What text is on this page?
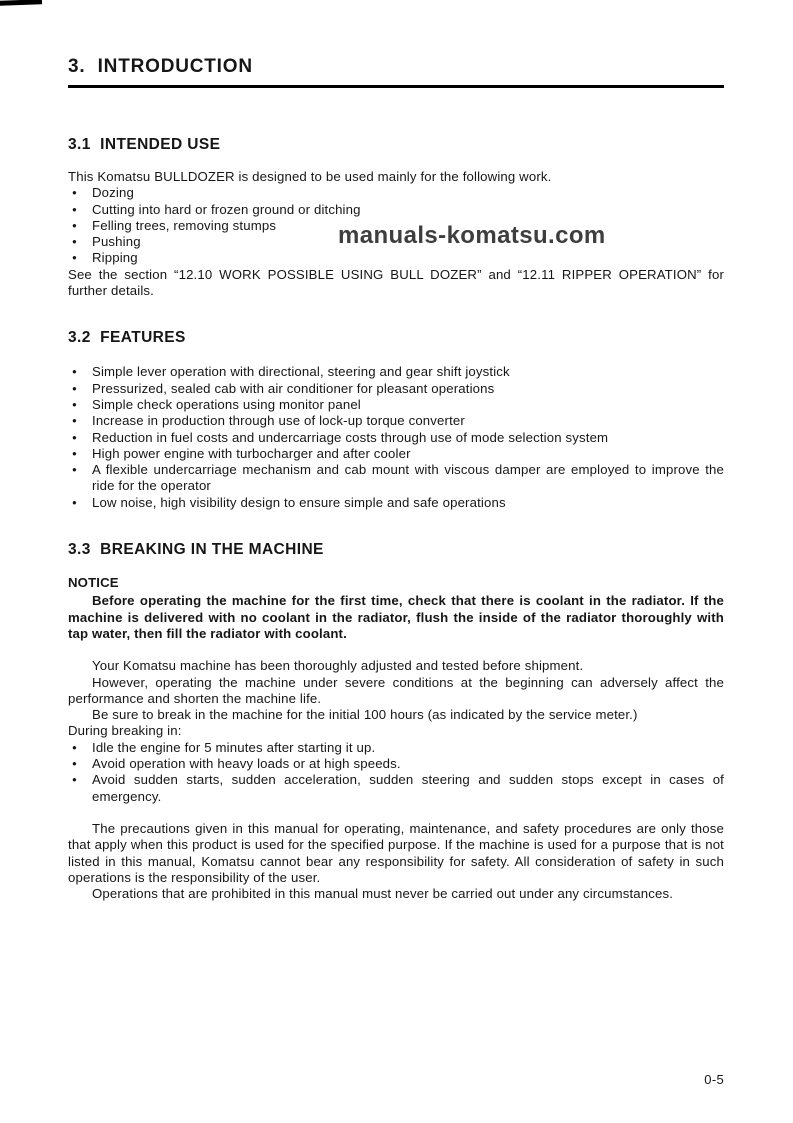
3.  INTRODUCTION
3.1  INTENDED USE

This Komatsu BULLDOZER is designed to be used mainly for the following work.

● Dozing
● Cutting into hard or frozen ground or ditching
● Felling trees, removing stumps
● Pushing
● Ripping

See the section “12.10 WORK POSSIBLE USING BULL DOZER” and “12.11 RIPPER OPERATION” for further details.

3.2  FEATURES
● Simple lever operation with directional, steering and gear shift joystick
● Pressurized, sealed cab with air conditioner for pleasant operations
● Simple check operations using monitor panel
● Increase in production through use of lock-up torque converter
● Reduction in fuel costs and undercarriage costs through use of mode selection system
● High power engine with turbocharger and after cooler
● A flexible undercarriage mechanism and cab mount with viscous damper are employed to improve the ride for the operator
● Low noise, high visibility design to ensure simple and safe operations
3.3  BREAKING IN THE MACHINE

NOTICE

Before operating the machine for the first time, check that there is coolant in the radiator. If the machine is delivered with no coolant in the radiator, flush the inside of the radiator thoroughly with tap water, then fill the radiator with coolant.

Your Komatsu machine has been thoroughly adjusted and tested before shipment.

However, operating the machine under severe conditions at the beginning can adversely affect the performance and shorten the machine life.

Be sure to break in the machine for the initial 100 hours (as indicated by the service meter.)

During breaking in:

● Idle the engine for 5 minutes after starting it up.
● Avoid operation with heavy loads or at high speeds.
● Avoid sudden starts, sudden acceleration, sudden steering and sudden stops except in cases of emergency.

The precautions given in this manual for operating, maintenance, and safety procedures are only those that apply when this product is used for the specified purpose. If the machine is used for a purpose that is not listed in this manual, Komatsu cannot bear any responsibility for safety. All consideration of safety in such operations is the responsibility of the user.

Operations that are prohibited in this manual must never be carried out under any circumstances.

manuals-komatsu.com
0-5
